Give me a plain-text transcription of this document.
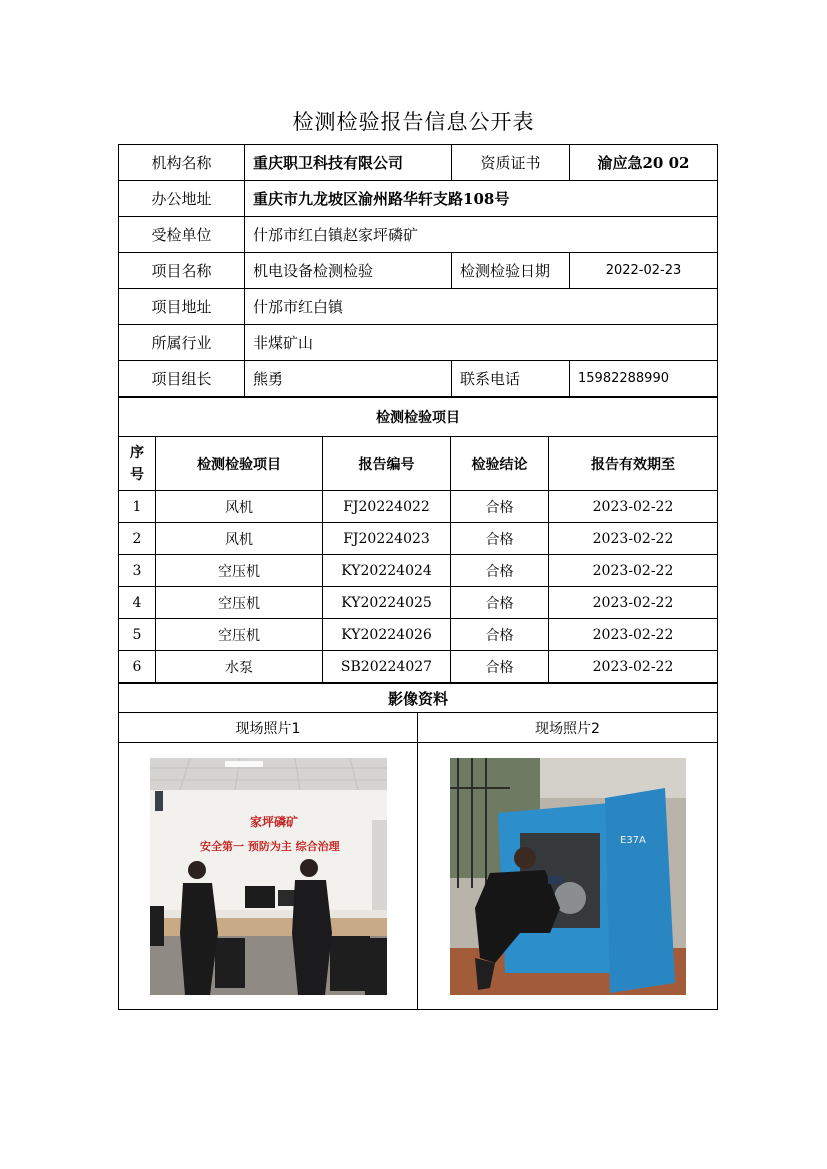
检测检验报告信息公开表
机构名称	重庆职卫科技有限公司	资质证书	渝应急20 02
办公地址	重庆市九龙坡区渝州路华轩支路108号		
受检单位	什邡市红白镇赵家坪磷矿		
项目名称	机电设备检测检验	检测检验日期	2022-02-23
项目地址	什邡市红白镇		
所属行业	非煤矿山		
项目组长	熊勇	联系电话	15982288990
检测检验项目				
序号	检测检验项目	报告编号	检验结论	报告有效期至
1	风机	FJ20224022	合格	2023-02-22
2	风机	FJ20224023	合格	2023-02-22
3	空压机	KY20224024	合格	2023-02-22
4	空压机	KY20224025	合格	2023-02-22
5	空压机	KY20224026	合格	2023-02-22
6	水泵	SB20224027	合格	2023-02-22
影像资料	
现场照片1	现场照片2

家坪磷矿
安全第一 预防为主 综合治理	E37A
